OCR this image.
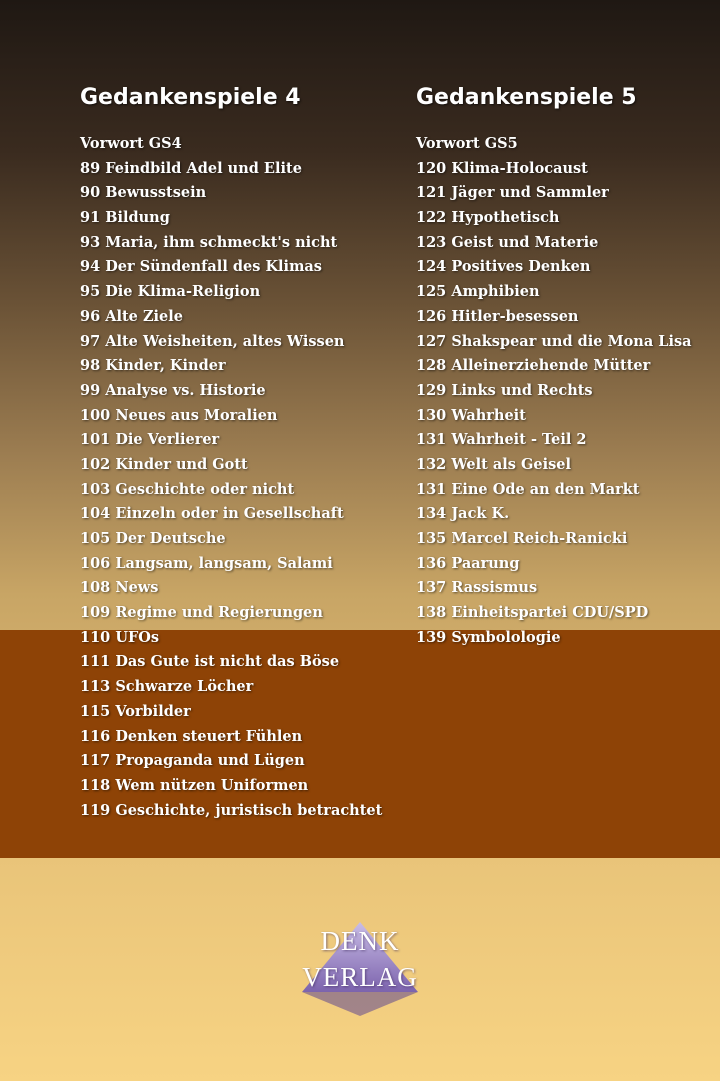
Gedankenspiele 4
Vorwort GS4
89 Feindbild Adel und Elite
90 Bewusstsein
91 Bildung
93 Maria, ihm schmeckt's nicht
94 Der Sündenfall des Klimas
95 Die Klima-Religion
96 Alte Ziele
97 Alte Weisheiten, altes Wissen
98 Kinder, Kinder
99 Analyse vs. Historie
100 Neues aus Moralien
101 Die Verlierer
102 Kinder und Gott
103 Geschichte oder nicht
104 Einzeln oder in Gesellschaft
105 Der Deutsche
106 Langsam, langsam, Salami
108 News
109 Regime und Regierungen
110 UFOs
111 Das Gute ist nicht das Böse
113 Schwarze Löcher
115 Vorbilder
116 Denken steuert Fühlen
117 Propaganda und Lügen
118 Wem nützen Uniformen
119 Geschichte, juristisch betrachtet
Gedankenspiele 5
Vorwort GS5
120 Klima-Holocaust
121 Jäger und Sammler
122 Hypothetisch
123 Geist und Materie
124 Positives Denken
125 Amphibien
126 Hitler-besessen
127 Shakspear und die Mona Lisa
128 Alleinerziehende Mütter
129 Links und Rechts
130 Wahrheit
131 Wahrheit - Teil 2
132 Welt als Geisel
131 Eine Ode an den Markt
134 Jack K.
135 Marcel Reich-Ranicki
136 Paarung
137 Rassismus
138 Einheitspartei CDU/SPD
139 Symbolologie
DENK
VERLAG
